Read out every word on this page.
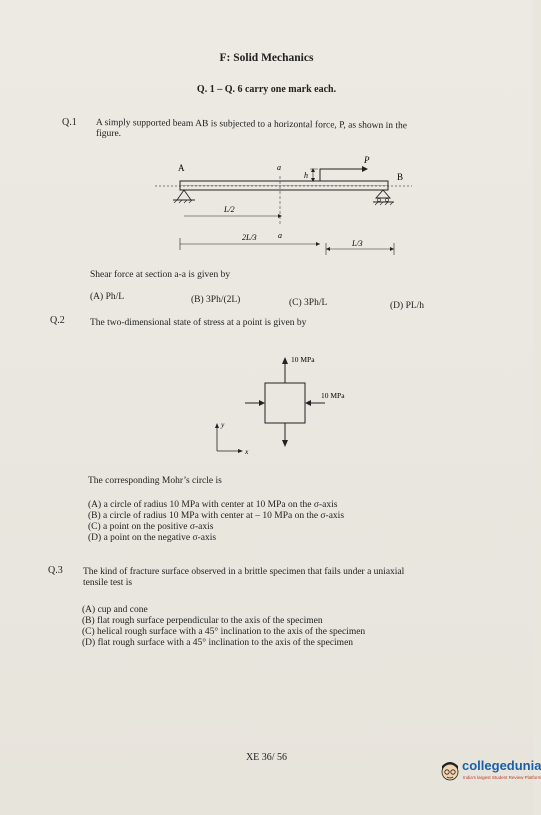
F: Solid Mechanics
Q. 1 – Q. 6 carry one mark each.
Q.1 A simply supported beam AB is subjected to a horizontal force, P, as shown in the
figure.
A
B
a
a
P
h
L/2
2L/3
L/3
Shear force at section a-a is given by
(A) Ph/L	(B) 3Ph/(2L)	(C) 3Ph/L	(D) PL/h
Q.2	The two-dimensional state of stress at a point is given by
10 MPa
10 MPa
y
x
The corresponding Mohr’s circle is
(A) a circle of radius 10 MPa with center at 10 MPa on the σ-axis
(B) a circle of radius 10 MPa with center at – 10 MPa on the σ-axis
(C) a point on the positive σ-axis
(D) a point on the negative σ-axis
Q.3 The kind of fracture surface observed in a brittle specimen that fails under a uniaxial
tensile test is
(A) cup and cone
(B) flat rough surface perpendicular to the axis of the specimen
(C) helical rough surface with a 45° inclination to the axis of the specimen
(D) flat rough surface with a 45° inclination to the axis of the specimen
XE 36/ 56
collegedunia
India's largest Student Review Platform
